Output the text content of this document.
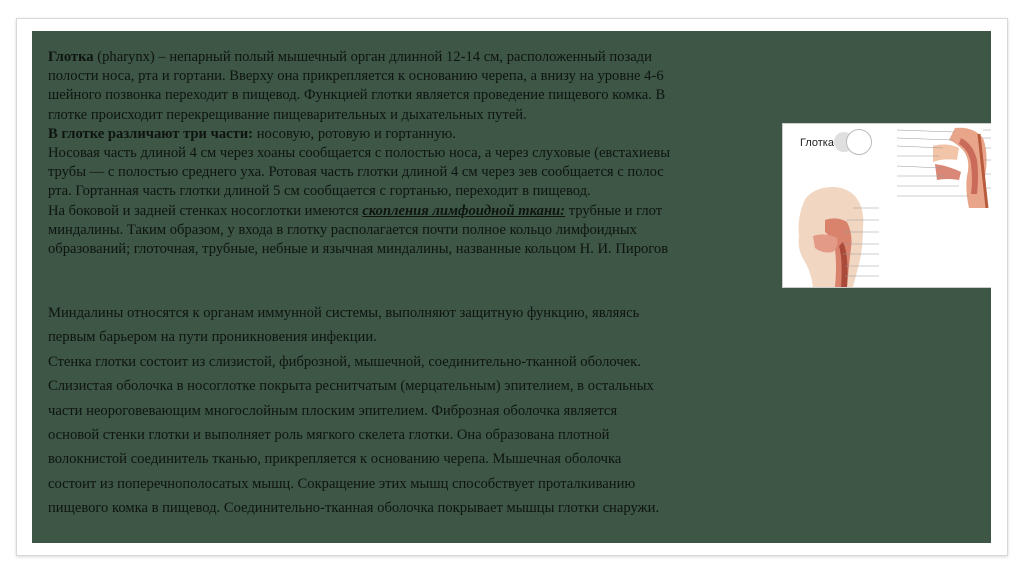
Глотка (pharynx) – непарный полый мышечный орган длинной 12-14 см, расположенный позади
полости носа, рта и гортани. Вверху она прикрепляется к основанию черепа, а внизу на уровне 4-6
шейного позвонка переходит в пищевод. Функцией глотки является проведение пищевого комка. В
глотке происходит перекрещивание пищеварительных и дыхательных путей.
В глотке различают три части: носовую, ротовую и гортанную.
Носовая часть длиной 4 см через хоаны сообщается с полостью носа, а через слуховые (евстахиевы
трубы — с полостью среднего уха. Ротовая часть глотки длиной 4 см через зев сообщается с полос
рта. Гортанная часть глотки длиной 5 см сообщается с гортанью, переходит в пищевод.
На боковой и задней стенках носоглотки имеются скопления лимфоидной ткани: трубные и глот
миндалины. Таким образом, у входа в глотку располагается почти полное кольцо лимфоидных
образований; глоточная, трубные, небные и язычная миндалины, названные кольцом Н. И. Пирогов
Миндалины относятся к органам иммунной системы, выполняют защитную функцию, являясь
первым барьером на пути проникновения инфекции.
Стенка глотки состоит из слизистой, фиброзной, мышечной, соединительно-тканной оболочек.
Слизистая оболочка в носоглотке покрыта реснитчатым (мерцательным) эпителием, в остальных
части неороговевающим многослойным плоским эпителием. Фиброзная оболочка является
основой стенки глотки и выполняет роль мягкого скелета глотки. Она образована плотной
волокнистой соединитель тканью, прикрепляется к основанию черепа. Мышечная оболочка
состоит из поперечнополосатых мышц. Сокращение этих мышц способствует проталкиванию
пищевого комка в пищевод. Соединительно-тканная оболочка покрывает мышцы глотки снаружи.
Глотка
